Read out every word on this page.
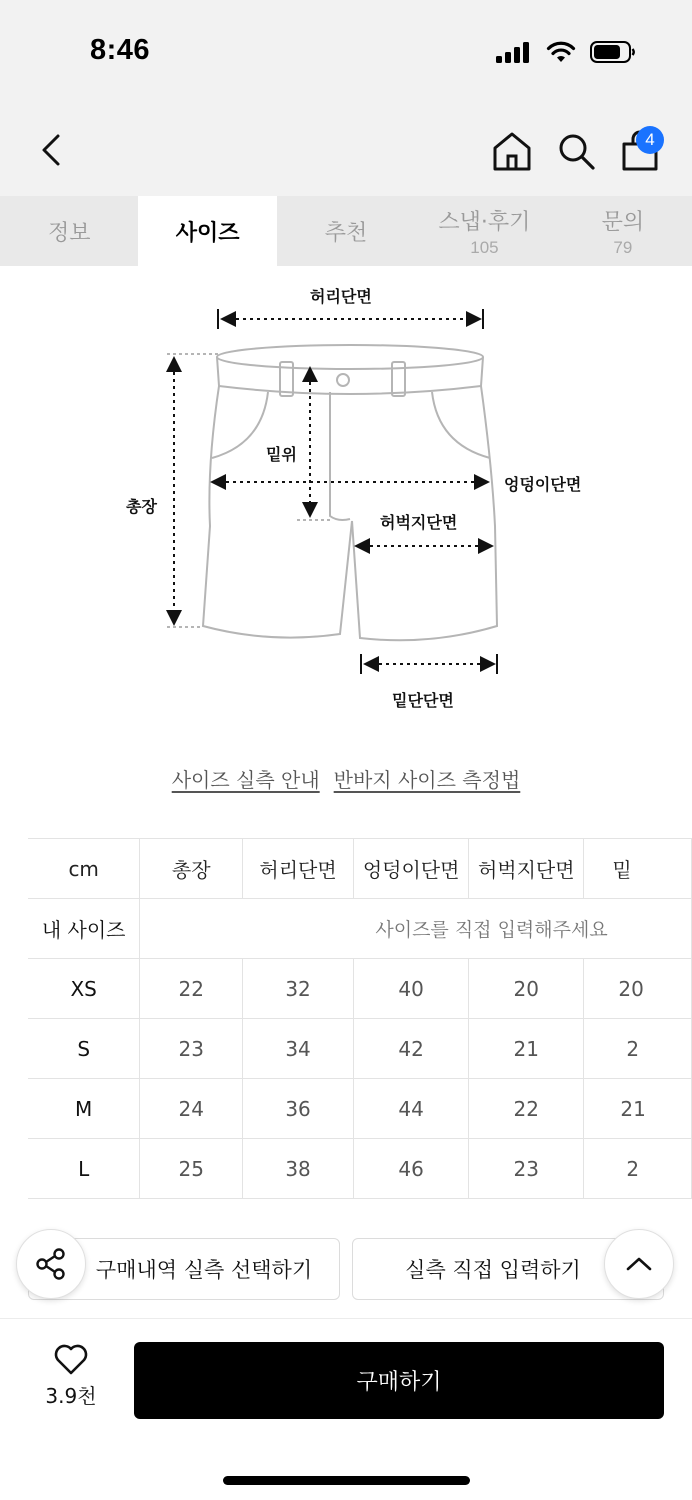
8:46
4
정보	사이즈	추천	스냅·후기
105
문의
79
허리단면
밑위
총장
엉덩이단면
허벅지단면
밑단단면
사이즈 실측 안내 반바지 사이즈 측정법
cm	총장	허리단면	엉덩이단면	허벅지단면	밑
내 사이즈	사이즈를 직접 입력해주세요				
XS	22	32	40	20	20
S	23	34	42	21	2
M	24	36	44	22	21
L	25	38	46	23	2
구매내역 실측 선택하기	실측 직접 입력하기
3.9천
구매하기
